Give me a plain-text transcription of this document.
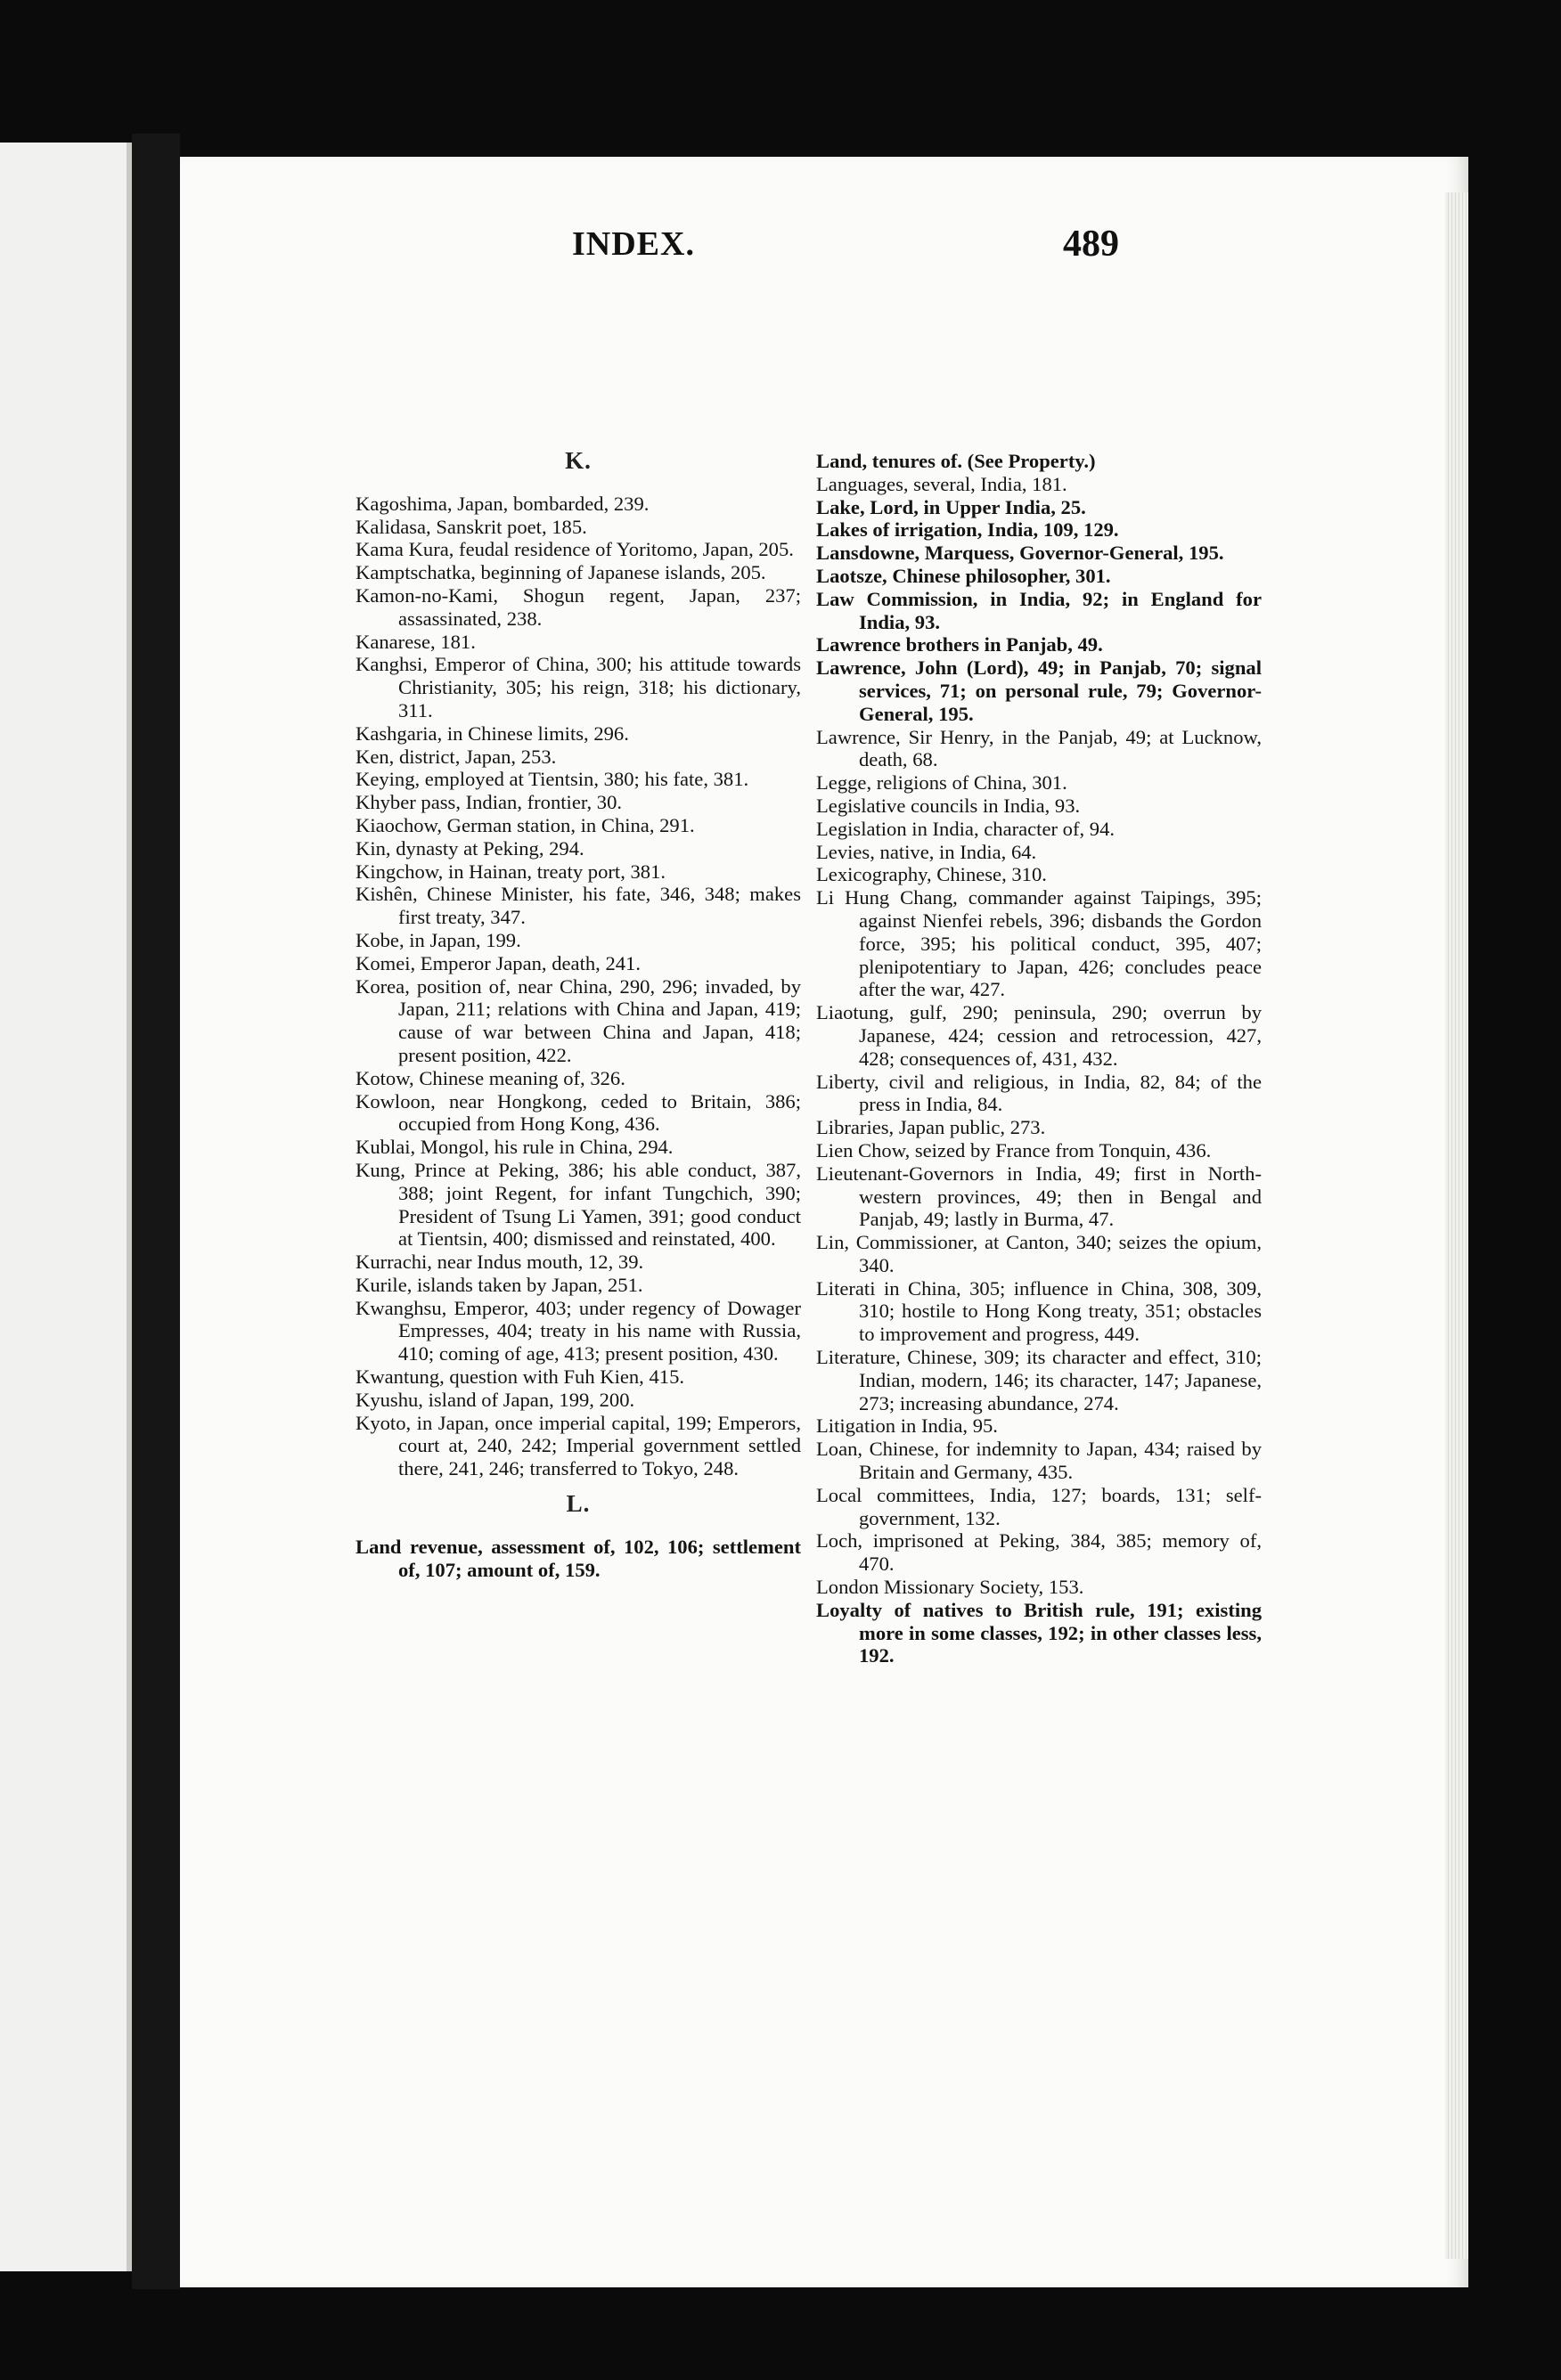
INDEX.	489
K.

Kagoshima, Japan, bombarded, 239.

Kalidasa, Sanskrit poet, 185.

Kama Kura, feudal residence of Yoritomo, Japan, 205.

Kamptschatka, beginning of Japanese islands, 205.

Kamon-no-Kami, Shogun regent, Japan, 237; assassinated, 238.

Kanarese, 181.

Kanghsi, Emperor of China, 300; his attitude towards Christianity, 305; his reign, 318; his dictionary, 311.

Kashgaria, in Chinese limits, 296.

Ken, district, Japan, 253.

Keying, employed at Tientsin, 380; his fate, 381.

Khyber pass, Indian, frontier, 30.

Kiaochow, German station, in China, 291.

Kin, dynasty at Peking, 294.

Kingchow, in Hainan, treaty port, 381.

Kishên, Chinese Minister, his fate, 346, 348; makes first treaty, 347.

Kobe, in Japan, 199.

Komei, Emperor Japan, death, 241.

Korea, position of, near China, 290, 296; invaded, by Japan, 211; relations with China and Japan, 419; cause of war between China and Japan, 418; present position, 422.

Kotow, Chinese meaning of, 326.

Kowloon, near Hongkong, ceded to Britain, 386; occupied from Hong Kong, 436.

Kublai, Mongol, his rule in China, 294.

Kung, Prince at Peking, 386; his able conduct, 387, 388; joint Regent, for infant Tungchich, 390; President of Tsung Li Yamen, 391; good conduct at Tientsin, 400; dismissed and reinstated, 400.

Kurrachi, near Indus mouth, 12, 39.

Kurile, islands taken by Japan, 251.

Kwanghsu, Emperor, 403; under regency of Dowager Empresses, 404; treaty in his name with Russia, 410; coming of age, 413; present position, 430.

Kwantung, question with Fuh Kien, 415.

Kyushu, island of Japan, 199, 200.

Kyoto, in Japan, once imperial capital, 199; Emperors, court at, 240, 242; Imperial government settled there, 241, 246; transferred to Tokyo, 248.

L.

Land revenue, assessment of, 102, 106; settlement of, 107; amount of, 159.

Land, tenures of. (See Property.)

Languages, several, India, 181.

Lake, Lord, in Upper India, 25.

Lakes of irrigation, India, 109, 129.

Lansdowne, Marquess, Governor-General, 195.

Laotsze, Chinese philosopher, 301.

Law Commission, in India, 92; in England for India, 93.

Lawrence brothers in Panjab, 49.

Lawrence, John (Lord), 49; in Panjab, 70; signal services, 71; on personal rule, 79; Governor-General, 195.

Lawrence, Sir Henry, in the Panjab, 49; at Lucknow, death, 68.

Legge, religions of China, 301.

Legislative councils in India, 93.

Legislation in India, character of, 94.

Levies, native, in India, 64.

Lexicography, Chinese, 310.

Li Hung Chang, commander against Taipings, 395; against Nienfei rebels, 396; disbands the Gordon force, 395; his political conduct, 395, 407; plenipotentiary to Japan, 426; concludes peace after the war, 427.

Liaotung, gulf, 290; peninsula, 290; overrun by Japanese, 424; cession and retrocession, 427, 428; consequences of, 431, 432.

Liberty, civil and religious, in India, 82, 84; of the press in India, 84.

Libraries, Japan public, 273.

Lien Chow, seized by France from Tonquin, 436.

Lieutenant-Governors in India, 49; first in North-western provinces, 49; then in Bengal and Panjab, 49; lastly in Burma, 47.

Lin, Commissioner, at Canton, 340; seizes the opium, 340.

Literati in China, 305; influence in China, 308, 309, 310; hostile to Hong Kong treaty, 351; obstacles to improvement and progress, 449.

Literature, Chinese, 309; its character and effect, 310; Indian, modern, 146; its character, 147; Japanese, 273; increasing abundance, 274.

Litigation in India, 95.

Loan, Chinese, for indemnity to Japan, 434; raised by Britain and Germany, 435.

Local committees, India, 127; boards, 131; self-government, 132.

Loch, imprisoned at Peking, 384, 385; memory of, 470.

London Missionary Society, 153.

Loyalty of natives to British rule, 191; existing more in some classes, 192; in other classes less, 192.
